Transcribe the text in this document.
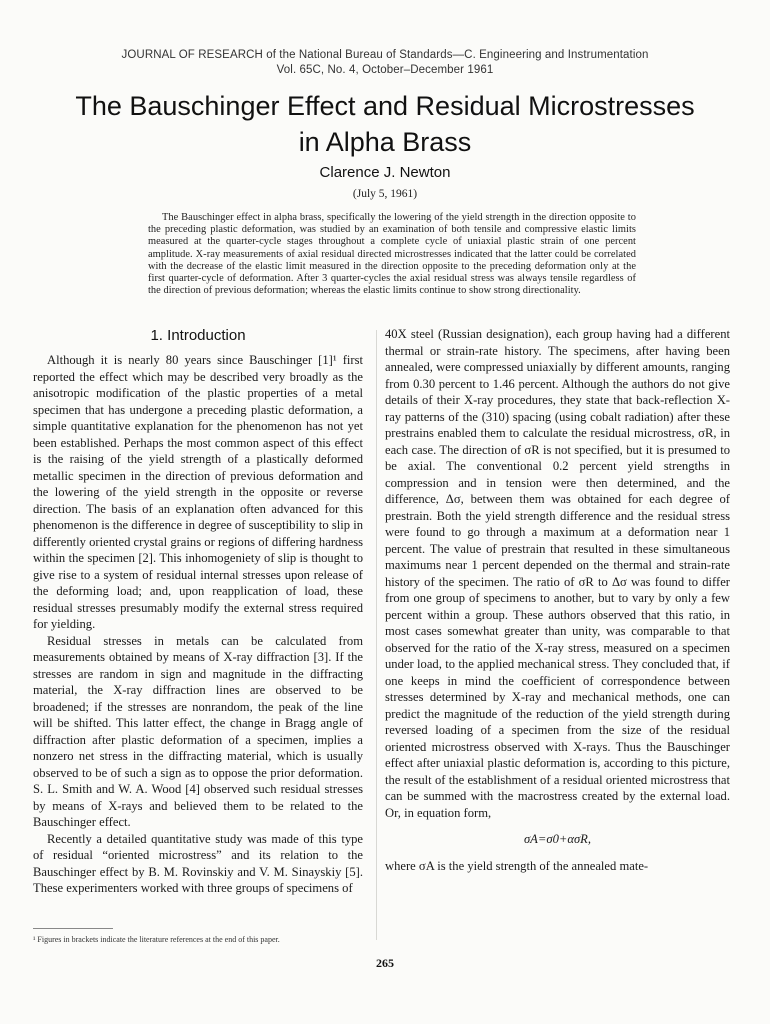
JOURNAL OF RESEARCH of the National Bureau of Standards—C. Engineering and Instrumentation
Vol. 65C, No. 4, October–December 1961
The Bauschinger Effect and Residual Microstresses
in Alpha Brass
Clarence J. Newton
(July 5, 1961)

The Bauschinger effect in alpha brass, specifically the lowering of the yield strength in the direction opposite to the preceding plastic deformation, was studied by an examination of both tensile and compressive elastic limits measured at the quarter-cycle stages throughout a complete cycle of uniaxial plastic strain of one percent amplitude. X-ray measurements of axial residual directed microstresses indicated that the latter could be correlated with the decrease of the elastic limit measured in the direction opposite to the preceding deformation only at the first quarter-cycle of deformation. After 3 quarter-cycles the axial residual stress was always tensile regardless of the direction of previous deformation; whereas the elastic limits continue to show strong directionality.

1. Introduction

Although it is nearly 80 years since Bauschinger [1]¹ first reported the effect which may be described very broadly as the anisotropic modification of the plastic properties of a metal specimen that has undergone a preceding plastic deformation, a simple quantitative explanation for the phenomenon has not yet been established. Perhaps the most common aspect of this effect is the raising of the yield strength of a plastically deformed metallic specimen in the direction of previous deformation and the lowering of the yield strength in the opposite or reverse direction. The basis of an explanation often advanced for this phenomenon is the difference in degree of susceptibility to slip in differently oriented crystal grains or regions of differing hardness within the specimen [2]. This inhomogeniety of slip is thought to give rise to a system of residual internal stresses upon release of the deforming load; and, upon reapplication of load, these residual stresses presumably modify the external stress required for yielding.

Residual stresses in metals can be calculated from measurements obtained by means of X-ray diffraction [3]. If the stresses are random in sign and magnitude in the diffracting material, the X-ray diffraction lines are observed to be broadened; if the stresses are nonrandom, the peak of the line will be shifted. This latter effect, the change in Bragg angle of diffraction after plastic deformation of a specimen, implies a nonzero net stress in the diffracting material, which is usually observed to be of such a sign as to oppose the prior deformation. S. L. Smith and W. A. Wood [4] observed such residual stresses by means of X-rays and believed them to be related to the Bauschinger effect.

Recently a detailed quantitative study was made of this type of residual “oriented microstress” and its relation to the Bauschinger effect by B. M. Rovinskiy and V. M. Sinayskiy [5]. These experimenters worked with three groups of specimens of

40X steel (Russian designation), each group having had a different thermal or strain-rate history. The specimens, after having been annealed, were compressed uniaxially by different amounts, ranging from 0.30 percent to 1.46 percent. Although the authors do not give details of their X-ray procedures, they state that back-reflection X-ray patterns of the (310) spacing (using cobalt radiation) after these prestrains enabled them to calculate the residual microstress, σR, in each case. The direction of σR is not specified, but it is presumed to be axial. The conventional 0.2 percent yield strengths in compression and in tension were then determined, and the difference, Δσ, between them was obtained for each degree of prestrain. Both the yield strength difference and the residual stress were found to go through a maximum at a deformation near 1 percent. The value of prestrain that resulted in these simultaneous maximums near 1 percent depended on the thermal and strain-rate history of the specimen. The ratio of σR to Δσ was found to differ from one group of specimens to another, but to vary by only a few percent within a group. These authors observed that this ratio, in most cases somewhat greater than unity, was comparable to that observed for the ratio of the X-ray stress, measured on a specimen under load, to the applied mechanical stress. They concluded that, if one keeps in mind the coefficient of correspondence between stresses determined by X-ray and mechanical methods, one can predict the magnitude of the reduction of the yield strength during reversed loading of a specimen from the size of the residual oriented microstress observed with X-rays. Thus the Bauschinger effect after uniaxial plastic deformation is, according to this picture, the result of the establishment of a residual oriented microstress that can be summed with the macrostress created by the external load. Or, in equation form,

σA=σ0+ασR,

where σA is the yield strength of the annealed mate-

¹ Figures in brackets indicate the literature references at the end of this paper.
265
